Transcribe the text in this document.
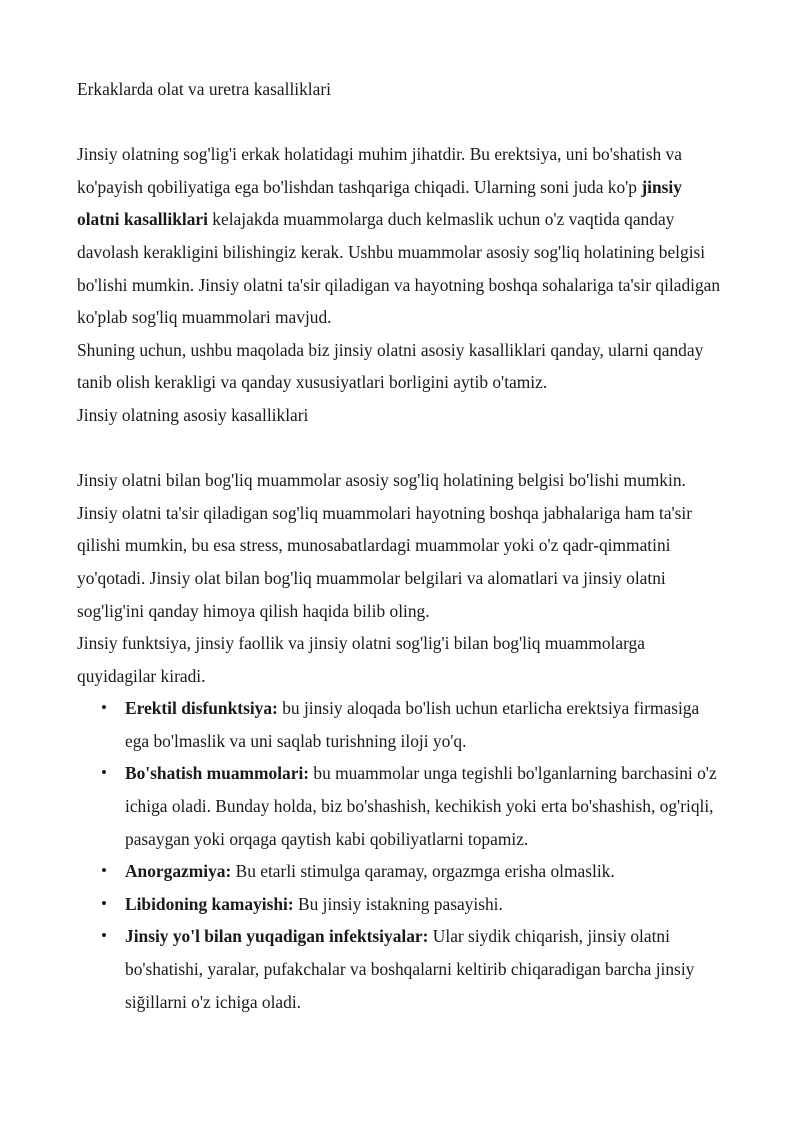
Erkaklarda olat va uretra kasalliklari

Jinsiy olatning sog'lig'i erkak holatidagi muhim jihatdir. Bu erektsiya, uni bo'shatish va ko'payish qobiliyatiga ega bo'lishdan tashqariga chiqadi. Ularning soni juda ko'p jinsiy olatni kasalliklari kelajakda muammolarga duch kelmaslik uchun o'z vaqtida qanday davolash kerakligini bilishingiz kerak. Ushbu muammolar asosiy sog'liq holatining belgisi bo'lishi mumkin. Jinsiy olatni ta'sir qiladigan va hayotning boshqa sohalariga ta'sir qiladigan ko'plab sog'liq muammolari mavjud.

Shuning uchun, ushbu maqolada biz jinsiy olatni asosiy kasalliklari qanday, ularni qanday tanib olish kerakligi va qanday xususiyatlari borligini aytib o'tamiz.

Jinsiy olatning asosiy kasalliklari

Jinsiy olatni bilan bog'liq muammolar asosiy sog'liq holatining belgisi bo'lishi mumkin. Jinsiy olatni ta'sir qiladigan sog'liq muammolari hayotning boshqa jabhalariga ham ta'sir qilishi mumkin, bu esa stress, munosabatlardagi muammolar yoki o'z qadr-qimmatini yo'qotadi. Jinsiy olat bilan bog'liq muammolar belgilari va alomatlari va jinsiy olatni sog'lig'ini qanday himoya qilish haqida bilib oling.

Jinsiy funktsiya, jinsiy faollik va jinsiy olatni sog'lig'i bilan bog'liq muammolarga quyidagilar kiradi.

• Erektil disfunktsiya: bu jinsiy aloqada bo'lish uchun etarlicha erektsiya firmasiga ega bo'lmaslik va uni saqlab turishning iloji yo'q.
• Bo'shatish muammolari: bu muammolar unga tegishli bo'lganlarning barchasini o'z ichiga oladi. Bunday holda, biz bo'shashish, kechikish yoki erta bo'shashish, og'riqli, pasaygan yoki orqaga qaytish kabi qobiliyatlarni topamiz.
• Anorgazmiya: Bu etarli stimulga qaramay, orgazmga erisha olmaslik.
• Libidoning kamayishi: Bu jinsiy istakning pasayishi.
• Jinsiy yo'l bilan yuqadigan infektsiyalar: Ular siydik chiqarish, jinsiy olatni bo'shatishi, yaralar, pufakchalar va boshqalarni keltirib chiqaradigan barcha jinsiy siğillarni o'z ichiga oladi.
